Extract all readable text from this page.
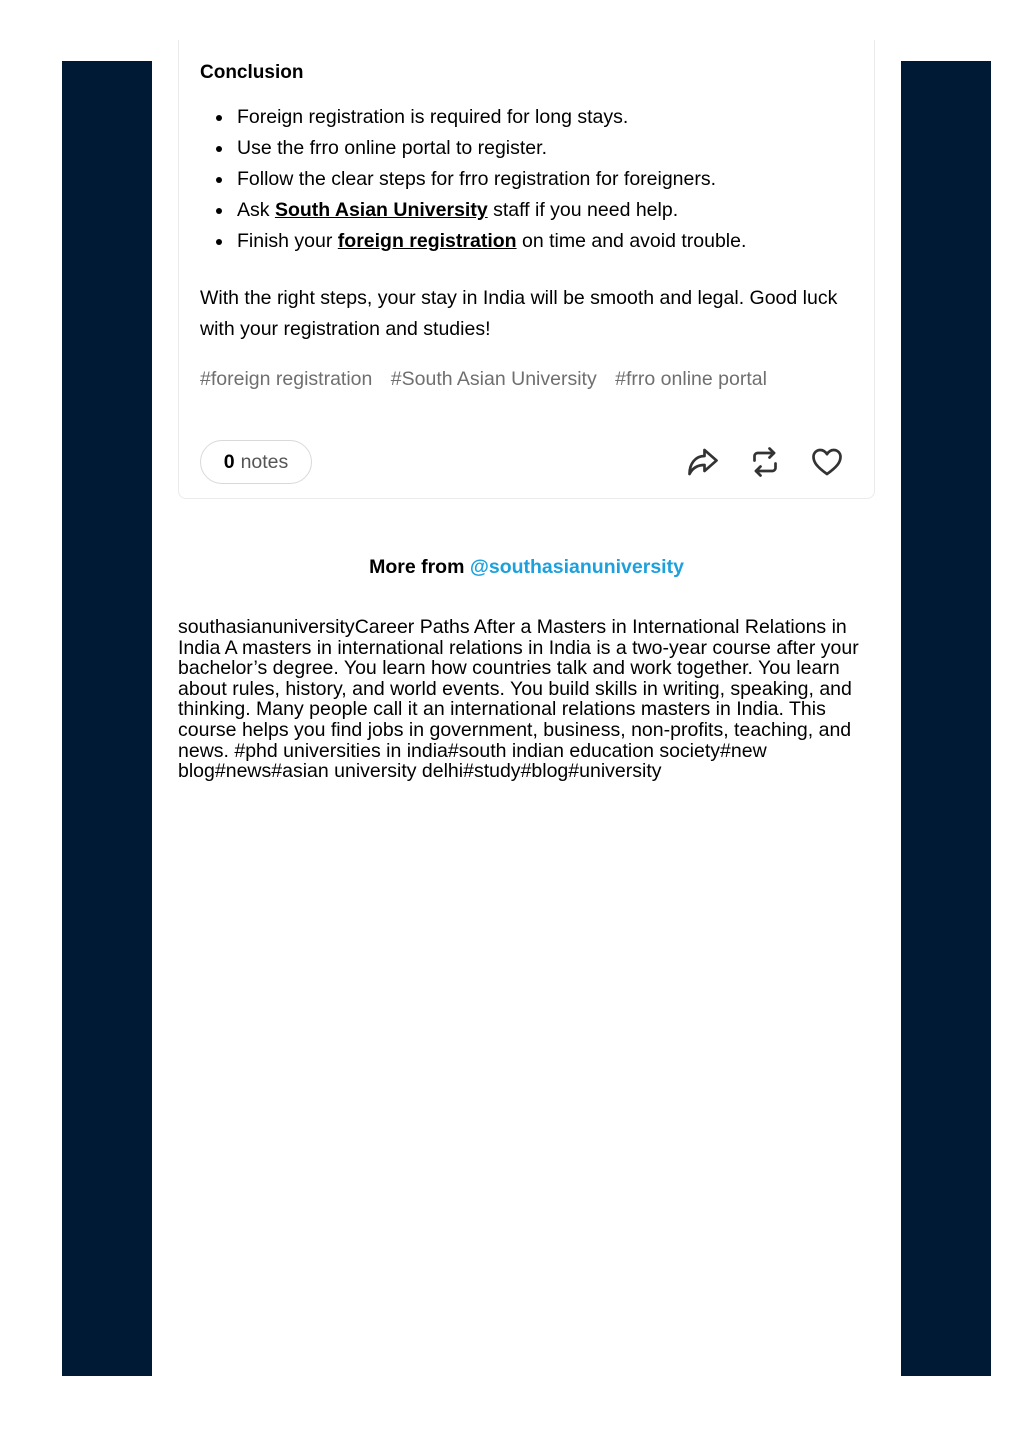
Conclusion
Foreign registration is required for long stays.
Use the frro online portal to register.
Follow the clear steps for frro registration for foreigners.
Ask South Asian University staff if you need help.
Finish your foreign registration on time and avoid trouble.
With the right steps, your stay in India will be smooth and legal. Good luck with your registration and studies!
#foreign registration #South Asian University #frro online portal
0 notes
More from @southasianuniversity
southasianuniversityCareer Paths After a Masters in International Relations in India A masters in international relations in India is a two-year course after your bachelor’s degree. You learn how countries talk and work together. You learn about rules, history, and world events. You build skills in writing, speaking, and thinking. Many people call it an international relations masters in India. This course helps you find jobs in government, business, non-profits, teaching, and news. #phd universities in india#south indian education society#new blog#news#asian university delhi#study#blog#university
